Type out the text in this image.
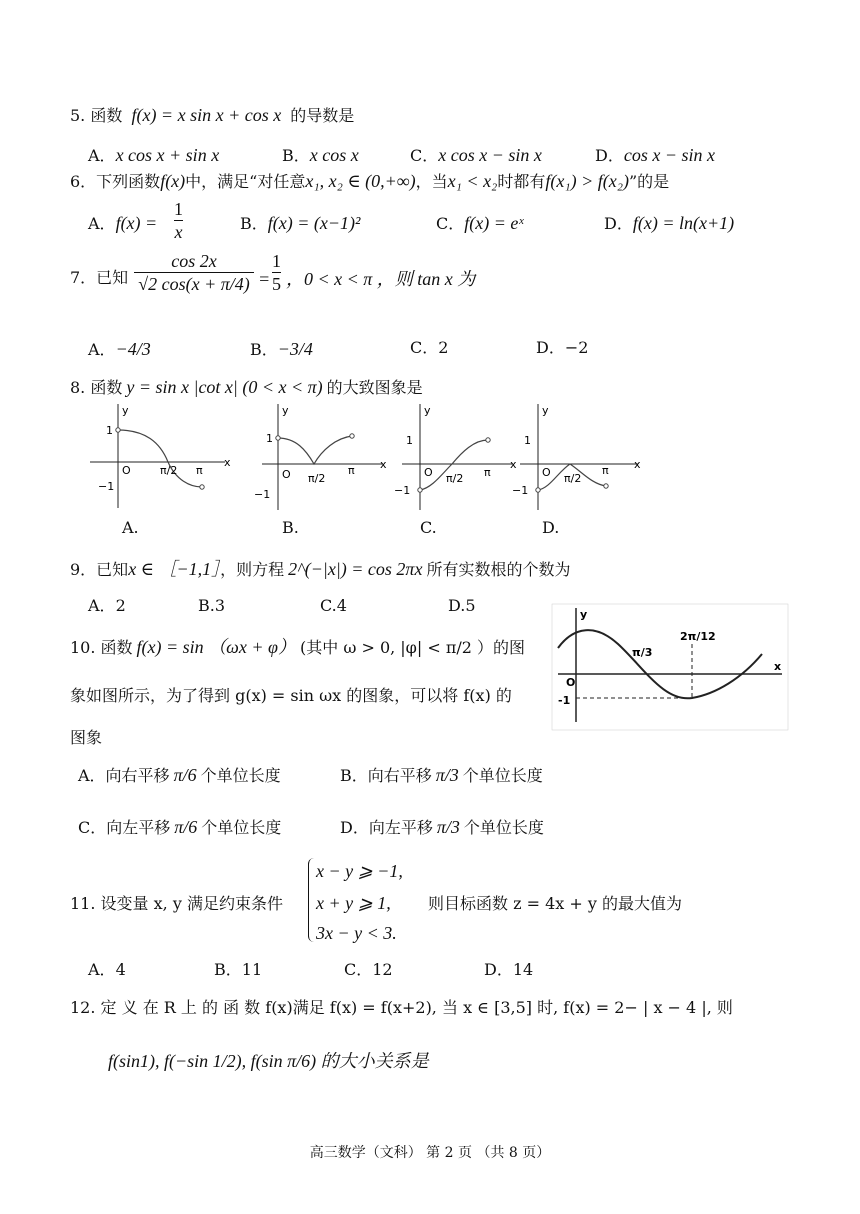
5. 函数 f(x) = x sin x + cos x 的导数是
A．x cos x + sin x	B．x cos x	C．x cos x − sin x	D．cos x − sin x
6．下列函数f(x)中，满足“对任意x₁, x₂ ∈ (0,+∞)，当x₁ < x₂时都有f(x₁) > f(x₂)”的是
A．f(x) =
1
x	B．f(x) = (x−1)²	C．f(x) = eˣ	D．f(x) = ln(x+1)
7．已知
cos 2x
√2 cos(x + π/4) =
1
5 ，0 < x < π ，则 tan x 为
A．−4/3	B．−3/4	C．2	D．−2
8. 函数 y = sin x |cot x| (0 < x < π) 的大致图象是
1
−1
O	π/2 π
x
y
1
−1
O π/2
π x
y
1
−1
O π/2 π
x
y
1
−1
O π/2
π x
y
A.	B.	C.	D.
9．已知x ∈ ［−1,1］，则方程 2^(−|x|) = cos 2πx 所有实数根的个数为
A．2	B.3	C.4	D.5
10. 函数 f(x) = sin （ωx + φ） (其中 ω > 0, |φ| < π/2 ）的图
象如图所示，为了得到 g(x) = sin ωx 的图象，可以将 f(x) 的
图象
y
x
O
-1
π/3
2π/12
A．向右平移 π/6 个单位长度	B．向右平移 π/3 个单位长度
C．向左平移 π/6 个单位长度	D．向左平移 π/3 个单位长度
11. 设变量 x, y 满足约束条件
x − y ⩾ −1,
x + y ⩾ 1,
3x − y < 3.
则目标函数 z = 4x + y 的最大值为
A．4	B．11	C．12	D．14
12. 定 义 在 R 上 的 函 数 f(x)满足 f(x) = f(x+2), 当 x ∈ [3,5] 时, f(x) = 2− | x − 4 |, 则
f(sin1), f(−sin 1/2), f(sin π/6) 的大小关系是
高三数学（文科） 第 2 页 （共 8 页）
